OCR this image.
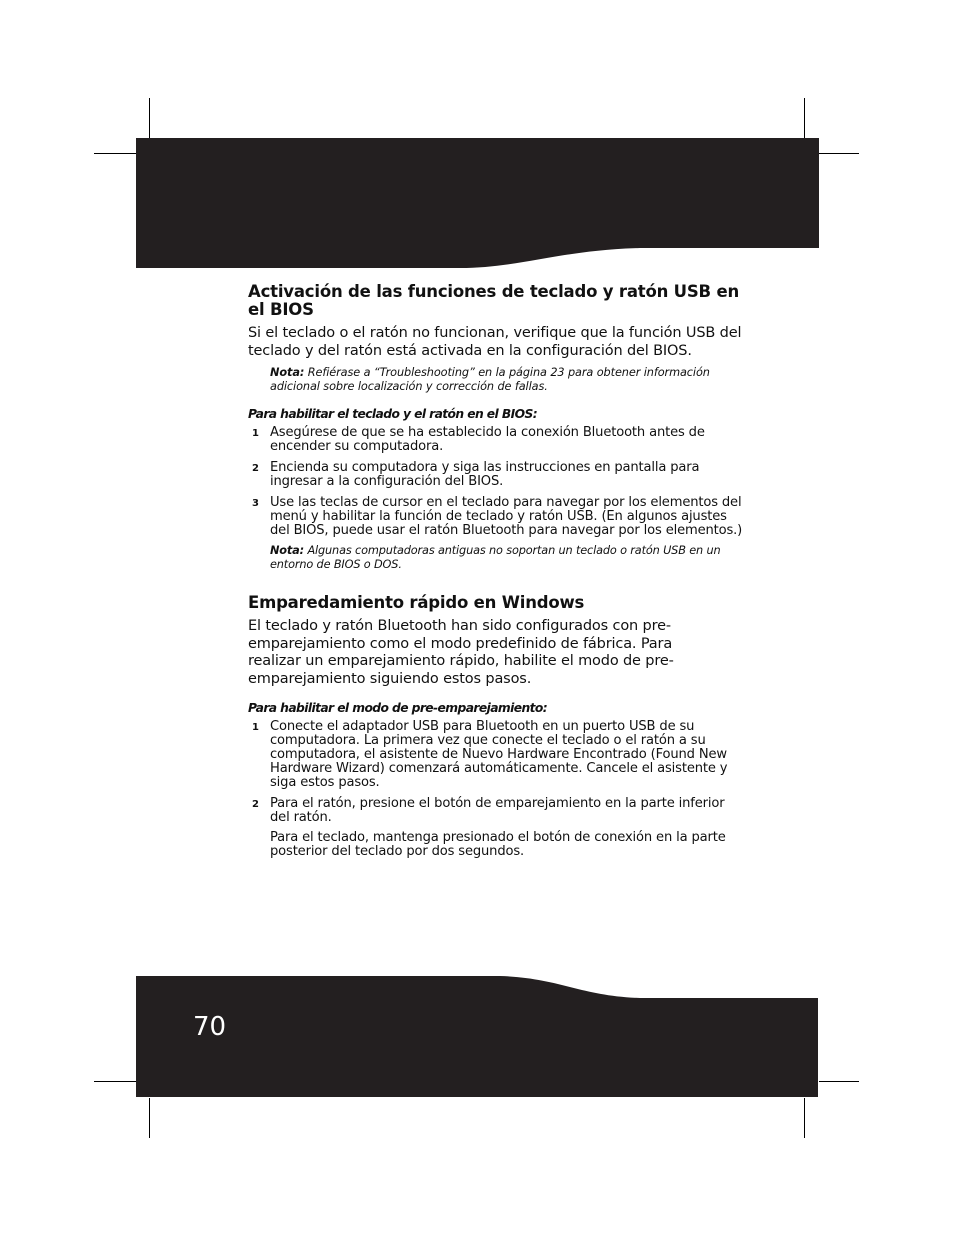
Activación de las funciones de teclado y ratón USB en el BIOS

Si el teclado o el ratón no funcionan, verifique que la función USB del teclado y del ratón está activada en la configuración del BIOS.

Nota: Refiérase a “Troubleshooting” en la página 23 para obtener información adicional sobre localización y corrección de fallas.

Para habilitar el teclado y el ratón en el BIOS:

1 Asegúrese de que se ha establecido la conexión Bluetooth antes de encender su computadora.
2 Encienda su computadora y siga las instrucciones en pantalla para ingresar a la configuración del BIOS.
3 Use las teclas de cursor en el teclado para navegar por los elementos del menú y habilitar la función de teclado y ratón USB. (En algunos ajustes del BIOS, puede usar el ratón Bluetooth para navegar por los elementos.)
Nota: Algunas computadoras antiguas no soportan un teclado o ratón USB en un entorno de BIOS o DOS.
Emparedamiento rápido en Windows

El teclado y ratón Bluetooth han sido configurados con pre-emparejamiento como el modo predefinido de fábrica. Para realizar un emparejamiento rápido, habilite el modo de pre-emparejamiento siguiendo estos pasos.

Para habilitar el modo de pre-emparejamiento:

1 Conecte el adaptador USB para Bluetooth en un puerto USB de su computadora. La primera vez que conecte el teclado o el ratón a su computadora, el asistente de Nuevo Hardware Encontrado (Found New Hardware Wizard) comenzará automáticamente. Cancele el asistente y siga estos pasos.
2 Para el ratón, presione el botón de emparejamiento en la parte inferior del ratón.
Para el teclado, mantenga presionado el botón de conexión en la parte posterior del teclado por dos segundos.
70
